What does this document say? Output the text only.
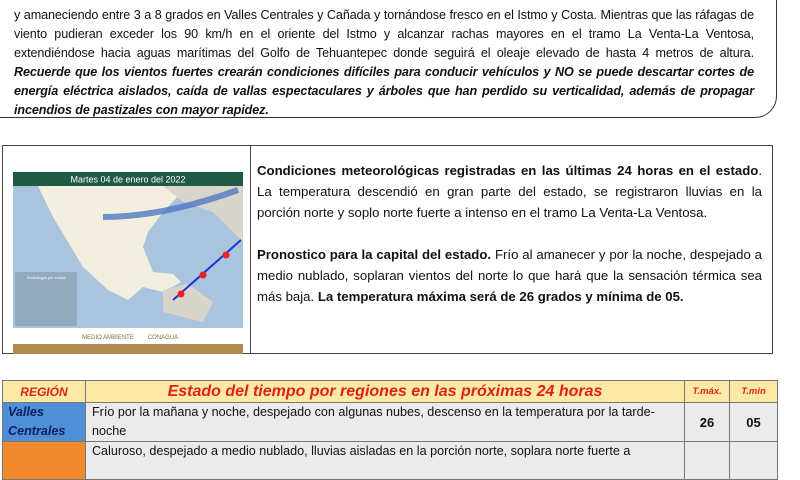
y amaneciendo entre 3 a 8 grados en Valles Centrales y Cañada y tornándose fresco en el Istmo y Costa. Mientras que las ráfagas de viento pudieran exceder los 90 km/h en el oriente del Istmo y alcanzar rachas mayores en el tramo La Venta-La Ventosa, extendiéndose hacia aguas marítimas del Golfo de Tehuantepec donde seguirá el oleaje elevado de hasta 4 metros de altura. Recuerde que los vientos fuertes crearán condiciones difíciles para conducir vehículos y NO se puede descartar cortes de energía eléctrica aislados, caída de vallas espectaculares y árboles que han perdido su verticalidad, además de propagar incendios de pastizales con mayor rapidez.

Martes 04 de enero del 2022
Simbología por zonas
MEDIO AMBIENTE CONAGUA

Condiciones meteorológicas registradas en las últimas 24 horas en el estado. La temperatura descendió en gran parte del estado, se registraron lluvias en la porción norte y soplo norte fuerte a intenso en el tramo La Venta-La Ventosa.

Pronostico para la capital del estado. Frío al amanecer y por la noche, despejado a medio nublado, soplaran vientos del norte lo que hará que la sensación térmica sea más baja. La temperatura máxima será de 26 grados y mínima de 05.

REGIÓN	Estado del tiempo por regiones en las próximas 24 horas	T.máx.	T.min
Valles Centrales	Frío por la mañana y noche, despejado con algunas nubes, descenso en la temperatura por la tarde-noche	26	05
	Caluroso, despejado a medio nublado, lluvias aisladas en la porción norte, soplara norte fuerte a		
